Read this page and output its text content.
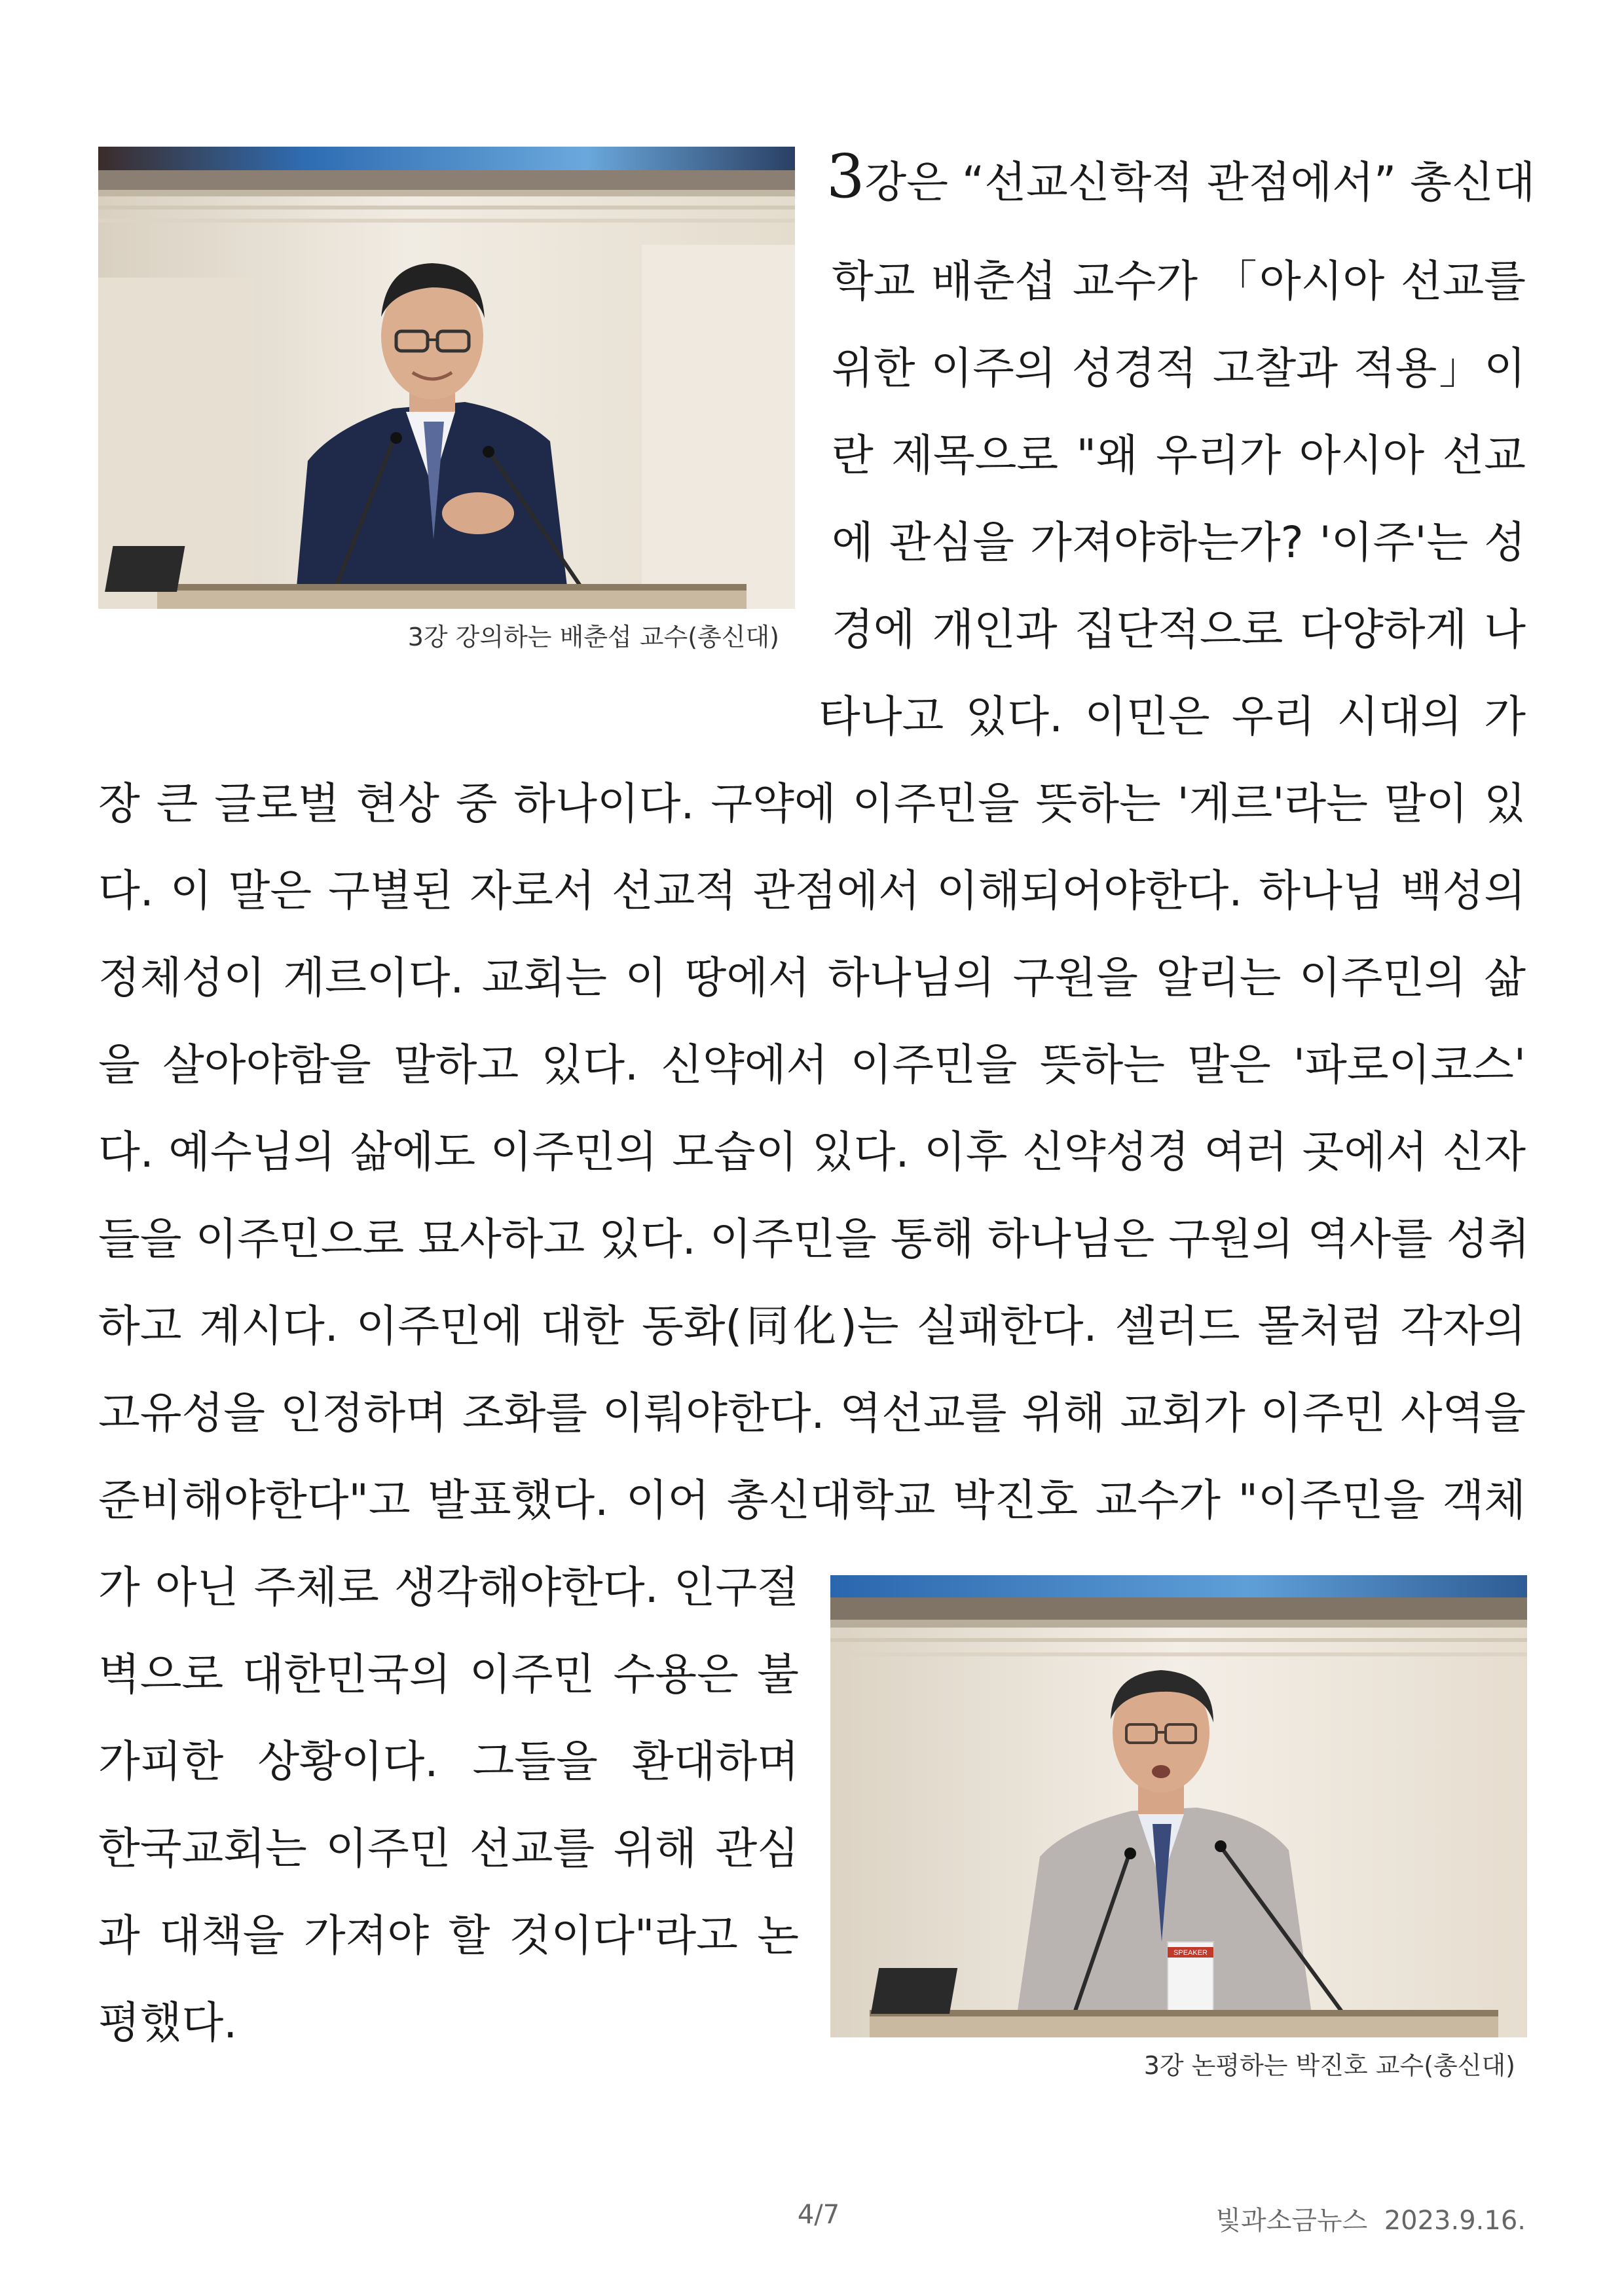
3강 강의하는 배춘섭 교수(총신대)
3강은 “선교신학적 관점에서” 총신대
학교 배춘섭 교수가 「아시아 선교를
위한 이주의 성경적 고찰과 적용」이
란 제목으로 "왜 우리가 아시아 선교
에 관심을 가져야하는가? '이주'는 성
경에 개인과 집단적으로 다양하게 나
타나고 있다. 이민은 우리 시대의 가
장 큰 글로벌 현상 중 하나이다. 구약에 이주민을 뜻하는 '게르'라는 말이 있
다. 이 말은 구별된 자로서 선교적 관점에서 이해되어야한다. 하나님 백성의
정체성이 게르이다. 교회는 이 땅에서 하나님의 구원을 알리는 이주민의 삶
을 살아야함을 말하고 있다. 신약에서 이주민을 뜻하는 말은 '파로이코스'
다. 예수님의 삶에도 이주민의 모습이 있다. 이후 신약성경 여러 곳에서 신자
들을 이주민으로 묘사하고 있다. 이주민을 통해 하나님은 구원의 역사를 성취
하고 계시다. 이주민에 대한 동화(同化)는 실패한다. 셀러드 몰처럼 각자의
고유성을 인정하며 조화를 이뤄야한다. 역선교를 위해 교회가 이주민 사역을
준비해야한다"고 발표했다. 이어 총신대학교 박진호 교수가 "이주민을 객체
가 아닌 주체로 생각해야한다. 인구절
벽으로 대한민국의 이주민 수용은 불
가피한 상황이다. 그들을 환대하며
한국교회는 이주민 선교를 위해 관심
과 대책을 가져야 할 것이다"라고 논
평했다.
SPEAKER
3강 논평하는 박진호 교수(총신대)
4/7	빛과소금뉴스 2023.9.16.
